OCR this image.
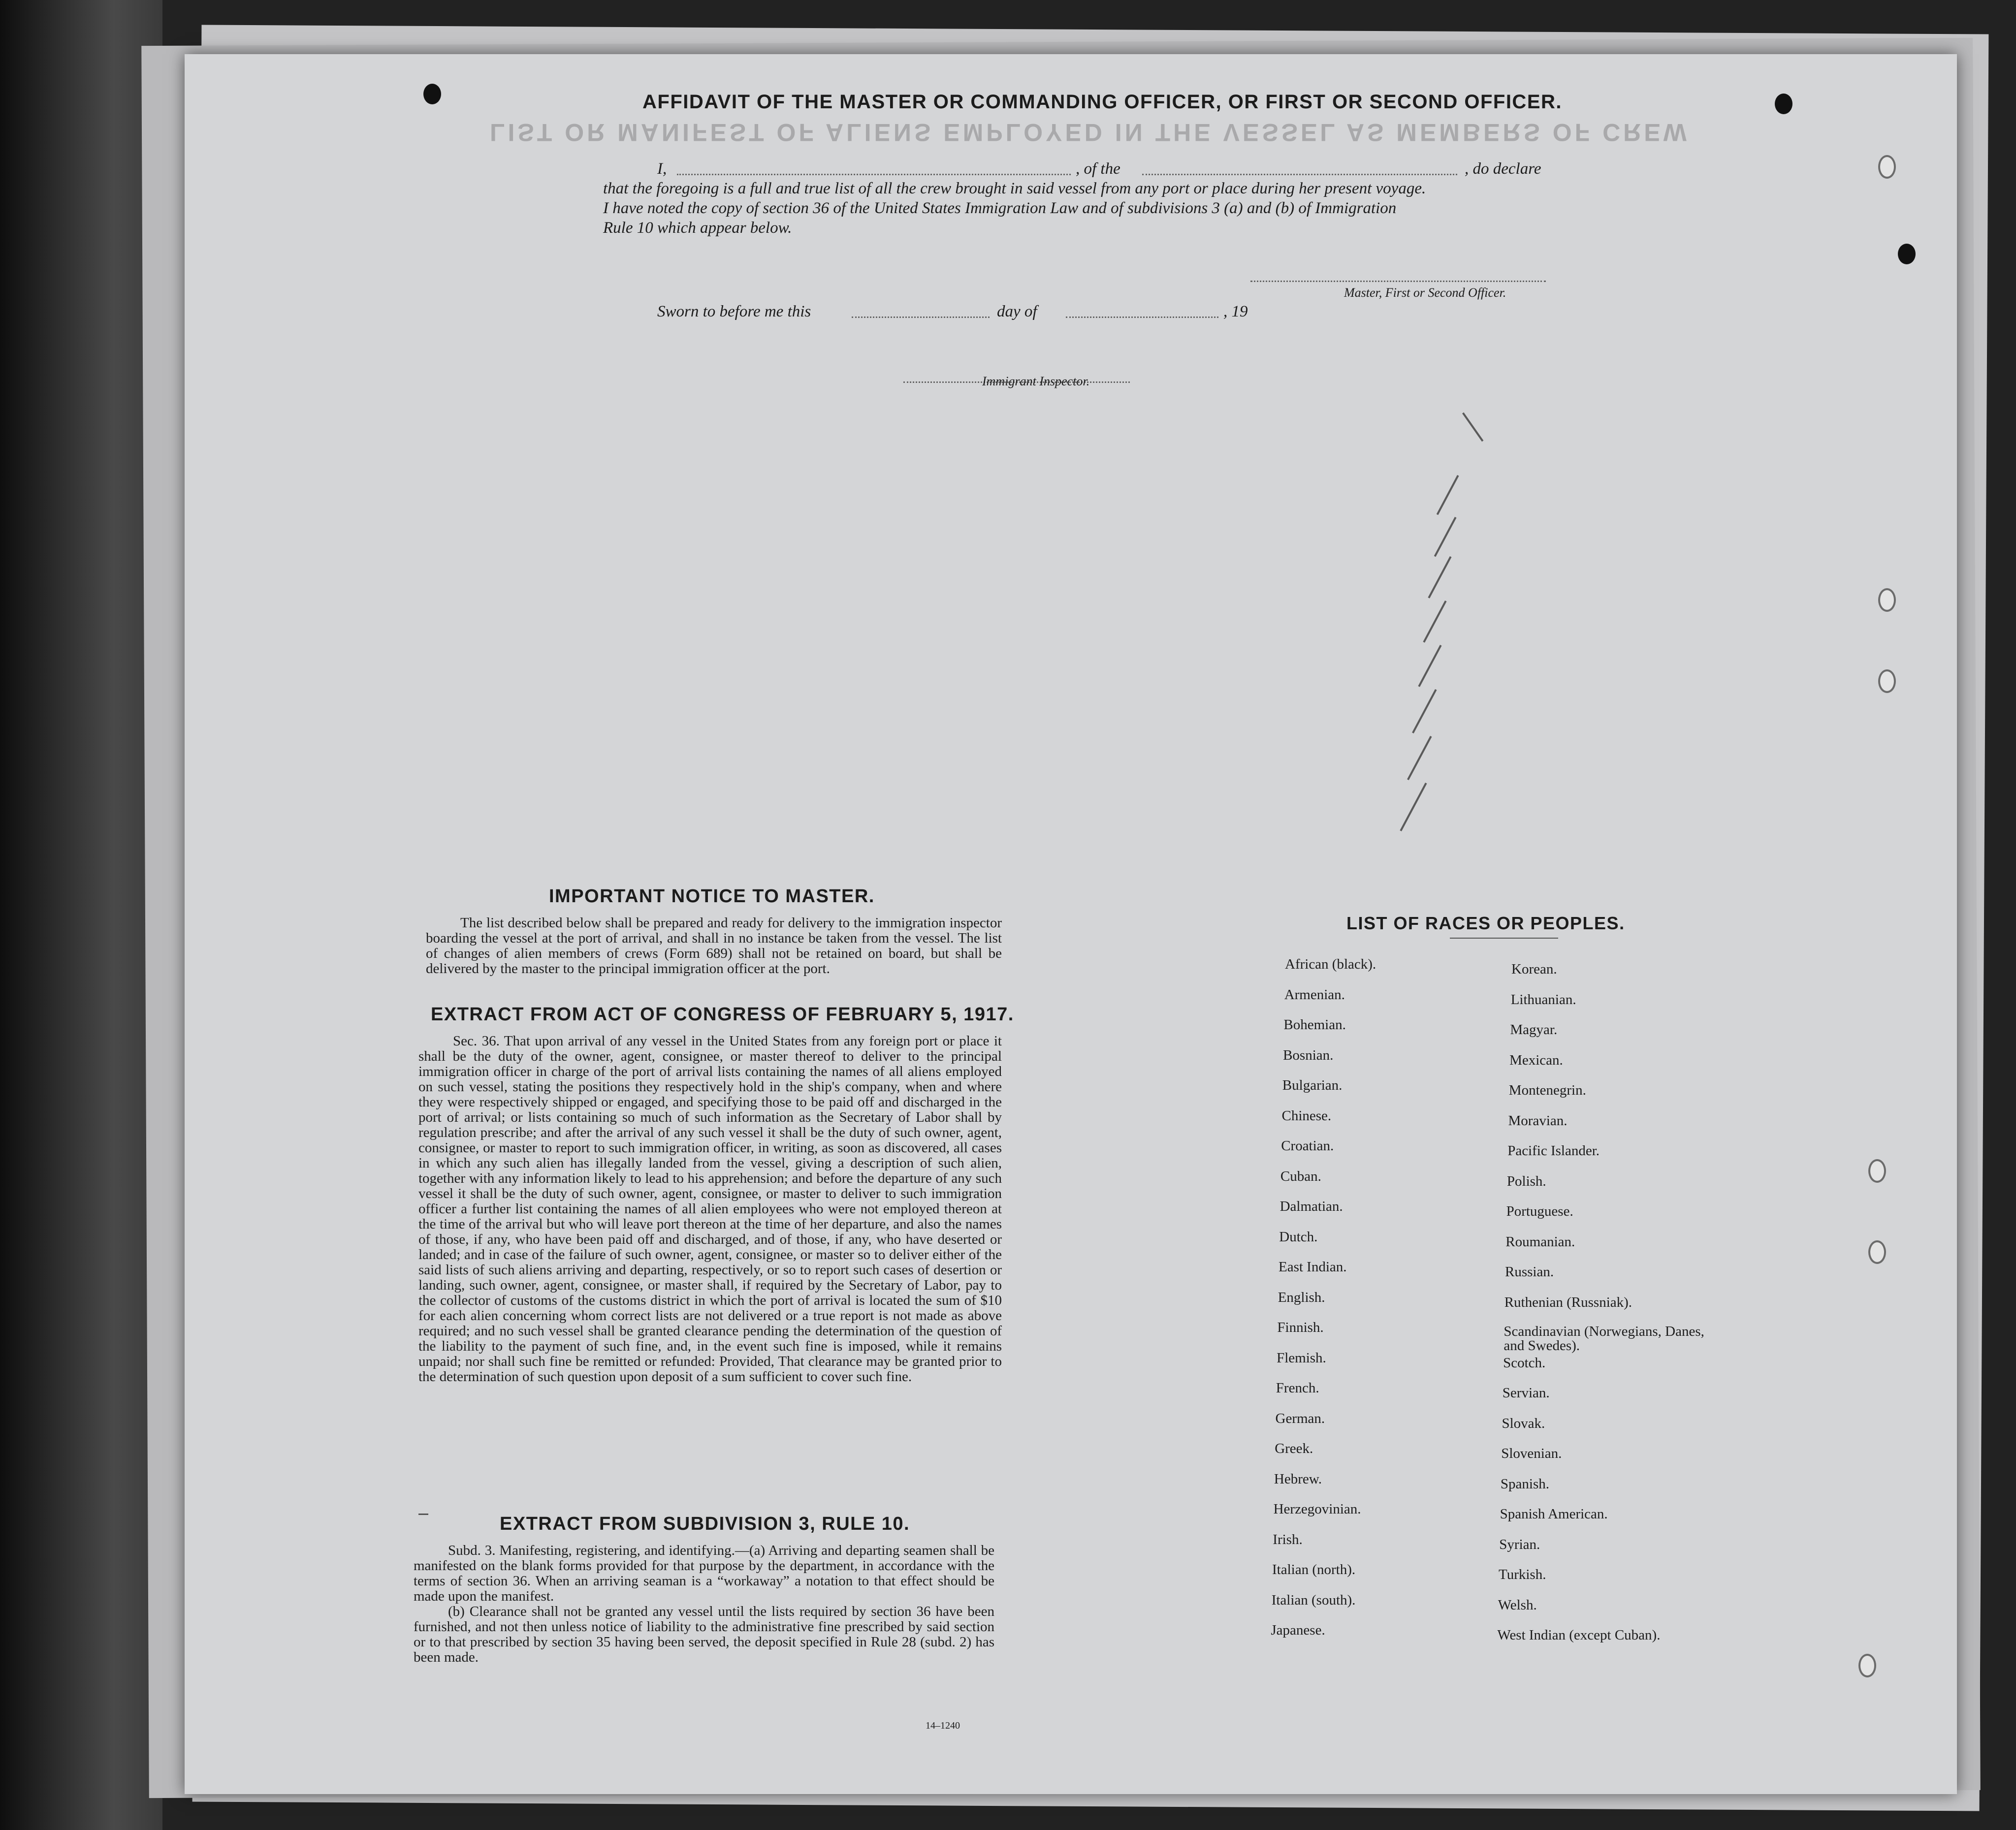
LIST OR MANIFEST OF ALIENS EMPLOYED IN THE VESSEL AS MEMBERS OF CREW
AFFIDAVIT OF THE MASTER OR COMMANDING OFFICER, OR FIRST OR SECOND OFFICER.
I,	, of the	, do declare
that the foregoing is a full and true list of all the crew brought in said vessel from any port or place during her present voyage.
I have noted the copy of section 36 of the United States Immigration Law and of subdivisions 3 (a) and (b) of Immigration
Rule 10 which appear below.
Master, First or Second Officer.
Sworn to before me this	day of	, 19
Immigrant Inspector.
IMPORTANT NOTICE TO MASTER.

The list described below shall be prepared and ready for delivery to the immigration inspector boarding the vessel at the port of arrival, and shall in no instance be taken from the vessel. The list of changes of alien members of crews (Form 689) shall not be retained on board, but shall be delivered by the master to the principal immigration officer at the port.

EXTRACT FROM ACT OF CONGRESS OF FEBRUARY 5, 1917.

Sec. 36. That upon arrival of any vessel in the United States from any foreign port or place it shall be the duty of the owner, agent, consignee, or master thereof to deliver to the principal immigration officer in charge of the port of arrival lists containing the names of all aliens employed on such vessel, stating the positions they respectively hold in the ship's company, when and where they were respectively shipped or engaged, and specifying those to be paid off and discharged in the port of arrival; or lists containing so much of such information as the Secretary of Labor shall by regulation prescribe; and after the arrival of any such vessel it shall be the duty of such owner, agent, consignee, or master to report to such immigration officer, in writing, as soon as discovered, all cases in which any such alien has illegally landed from the vessel, giving a description of such alien, together with any information likely to lead to his apprehension; and before the departure of any such vessel it shall be the duty of such owner, agent, consignee, or master to deliver to such immigration officer a further list containing the names of all alien employees who were not employed thereon at the time of the arrival but who will leave port thereon at the time of her departure, and also the names of those, if any, who have been paid off and discharged, and of those, if any, who have deserted or landed; and in case of the failure of such owner, agent, consignee, or master so to deliver either of the said lists of such aliens arriving and departing, respectively, or so to report such cases of desertion or landing, such owner, agent, consignee, or master shall, if required by the Secretary of Labor, pay to the collector of customs of the customs district in which the port of arrival is located the sum of $10 for each alien concerning whom correct lists are not delivered or a true report is not made as above required; and no such vessel shall be granted clearance pending the determination of the question of the liability to the payment of such fine, and, in the event such fine is imposed, while it remains unpaid; nor shall such fine be remitted or refunded: Provided, That clearance may be granted prior to the determination of such question upon deposit of a sum sufficient to cover such fine.

EXTRACT FROM SUBDIVISION 3, RULE 10.

Subd. 3. Manifesting, registering, and identifying.—(a) Arriving and departing seamen shall be manifested on the blank forms provided for that purpose by the department, in accordance with the terms of section 36. When an arriving seaman is a “workaway” a notation to that effect should be made upon the manifest.

(b) Clearance shall not be granted any vessel until the lists required by section 36 have been furnished, and not then unless notice of liability to the administrative fine prescribed by said section or to that prescribed by section 35 having been served, the deposit specified in Rule 28 (subd. 2) has been made.

14–1240
LIST OF RACES OR PEOPLES.
African (black).
Armenian.
Bohemian.
Bosnian.
Bulgarian.
Chinese.
Croatian.
Cuban.
Dalmatian.
Dutch.
East Indian.
English.
Finnish.
Flemish.
French.
German.
Greek.
Hebrew.
Herzegovinian.
Irish.
Italian (north).
Italian (south).
Japanese.
Korean.
Lithuanian.
Magyar.
Mexican.
Montenegrin.
Moravian.
Pacific Islander.
Polish.
Portuguese.
Roumanian.
Russian.
Ruthenian (Russniak).
Scandinavian (Norwegians, Danes, and Swedes).
Scotch.
Servian.
Slovak.
Slovenian.
Spanish.
Spanish American.
Syrian.
Turkish.
Welsh.
West Indian (except Cuban).
